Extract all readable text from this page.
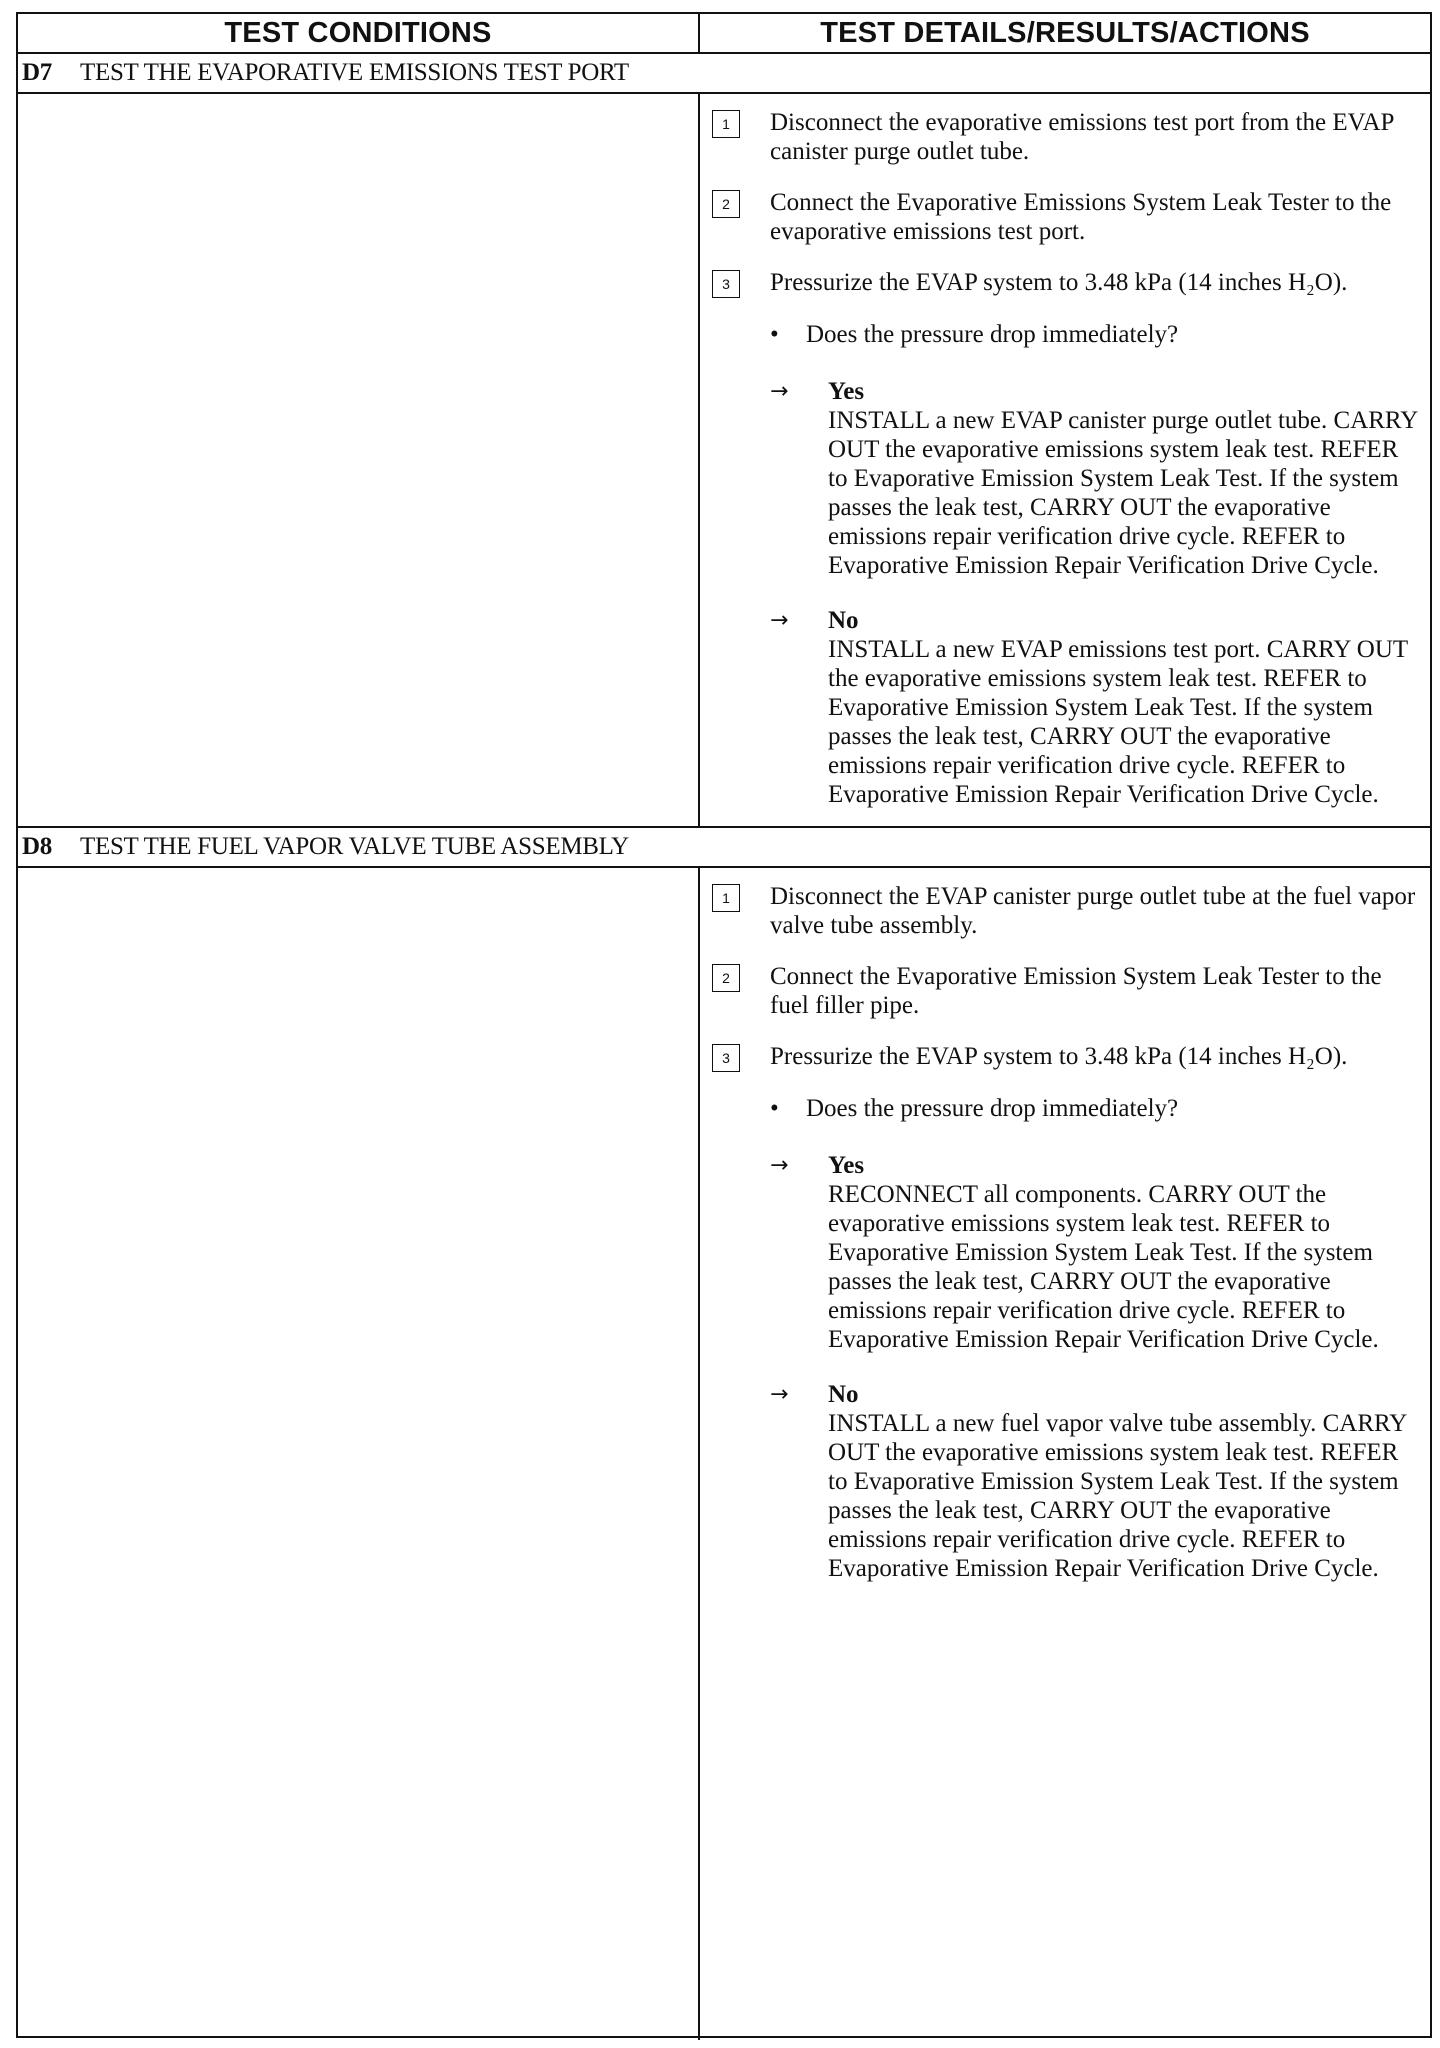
TEST CONDITIONS	TEST DETAILS/RESULTS/ACTIONS
D7	TEST THE EVAPORATIVE EMISSIONS TEST PORT
1	Disconnect the evaporative emissions test port from the EVAP canister purge outlet tube.
2	Connect the Evaporative Emissions System Leak Tester to the evaporative emissions test port.
3	Pressurize the EVAP system to 3.48 kPa (14 inches H₂O).
•	Does the pressure drop immediately?
→	Yes
INSTALL a new EVAP canister purge outlet tube. CARRY OUT the evaporative emissions system leak test. REFER to Evaporative Emission System Leak Test. If the system passes the leak test, CARRY OUT the evaporative emissions repair verification drive cycle. REFER to Evaporative Emission Repair Verification Drive Cycle.
→	No
INSTALL a new EVAP emissions test port. CARRY OUT the evaporative emissions system leak test. REFER to Evaporative Emission System Leak Test. If the system passes the leak test, CARRY OUT the evaporative emissions repair verification drive cycle. REFER to Evaporative Emission Repair Verification Drive Cycle.
D8	TEST THE FUEL VAPOR VALVE TUBE ASSEMBLY
1	Disconnect the EVAP canister purge outlet tube at the fuel vapor valve tube assembly.
2	Connect the Evaporative Emission System Leak Tester to the fuel filler pipe.
3	Pressurize the EVAP system to 3.48 kPa (14 inches H₂O).
•	Does the pressure drop immediately?
→	Yes
RECONNECT all components. CARRY OUT the evaporative emissions system leak test. REFER to Evaporative Emission System Leak Test. If the system passes the leak test, CARRY OUT the evaporative emissions repair verification drive cycle. REFER to Evaporative Emission Repair Verification Drive Cycle.
→	No
INSTALL a new fuel vapor valve tube assembly. CARRY OUT the evaporative emissions system leak test. REFER to Evaporative Emission System Leak Test. If the system passes the leak test, CARRY OUT the evaporative emissions repair verification drive cycle. REFER to Evaporative Emission Repair Verification Drive Cycle.
